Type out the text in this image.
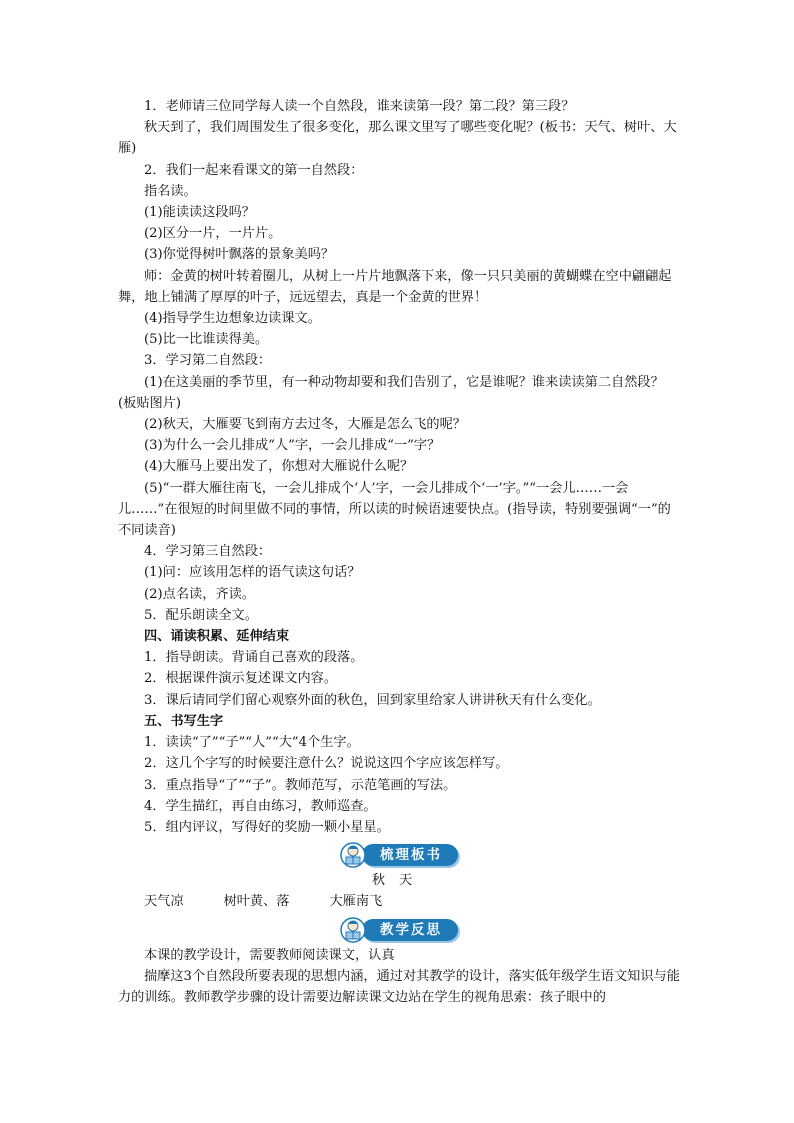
1．老师请三位同学每人读一个自然段，谁来读第一段？第二段？第三段？

秋天到了，我们周围发生了很多变化，那么课文里写了哪些变化呢？(板书：天气、树叶、大雁)

2．我们一起来看课文的第一自然段：

指名读。

(1)能读读这段吗？

(2)区分一片，一片片。

(3)你觉得树叶飘落的景象美吗？

师：金黄的树叶转着圈儿，从树上一片片地飘落下来，像一只只美丽的黄蝴蝶在空中翩翩起舞，地上铺满了厚厚的叶子，远远望去，真是一个金黄的世界！

(4)指导学生边想象边读课文。

(5)比一比谁读得美。

3．学习第二自然段：

(1)在这美丽的季节里，有一种动物却要和我们告别了，它是谁呢？谁来读读第二自然段？(板贴图片)

(2)秋天，大雁要飞到南方去过冬，大雁是怎么飞的呢？

(3)为什么一会儿排成“人”字，一会儿排成“一”字？

(4)大雁马上要出发了，你想对大雁说什么呢？

(5)“一群大雁往南飞，一会儿排成个‘人’字，一会儿排成个‘一’字。”“一会儿……一会儿……”在很短的时间里做不同的事情，所以读的时候语速要快点。(指导读，特别要强调“一”的不同读音)

4．学习第三自然段：

(1)问：应该用怎样的语气读这句话？

(2)点名读，齐读。

5．配乐朗读全文。

四、诵读积累、延伸结束

1．指导朗读。背诵自己喜欢的段落。

2．根据课件演示复述课文内容。

3．课后请同学们留心观察外面的秋色，回到家里给家人讲讲秋天有什么变化。

五、书写生字

1．读读“了”“子”“人”“大”4个生字。

2．这几个字写的时候要注意什么？说说这四个字应该怎样写。

3．重点指导“了”“子”。教师范写，示范笔画的写法。

4．学生描红，再自由练习，教师巡查。

5．组内评议，写得好的奖励一颗小星星。

梳理板书

秋天

天气凉	树叶黄、落	大雁南飞
教学反思

本课的教学设计，需要教师阅读课文，认真

揣摩这3个自然段所要表现的思想内涵，通过对其教学的设计，落实低年级学生语文知识与能力的训练。教师教学步骤的设计需要边解读课文边站在学生的视角思索：孩子眼中的
